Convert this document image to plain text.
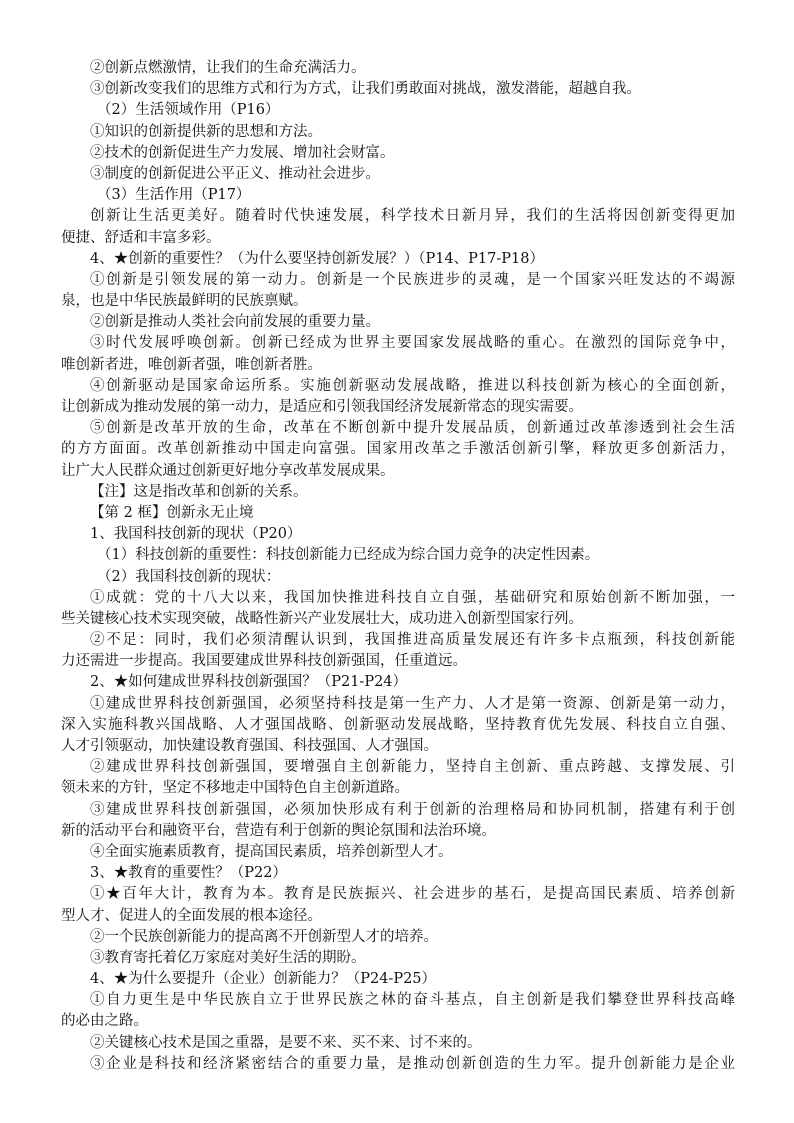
②创新点燃激情，让我们的生命充满活力。
③创新改变我们的思维方式和行为方式，让我们勇敢面对挑战，激发潜能，超越自我。
（2）生活领域作用（P16）
①知识的创新提供新的思想和方法。
②技术的创新促进生产力发展、增加社会财富。
③制度的创新促进公平正义、推动社会进步。
（3）生活作用（P17）
创新让生活更美好。随着时代快速发展，科学技术日新月异，我们的生活将因创新变得更加
便捷、舒适和丰富多彩。
4、★创新的重要性？（为什么要坚持创新发展？）（P14、P17-P18）
①创新是引领发展的第一动力。创新是一个民族进步的灵魂，是一个国家兴旺发达的不竭源
泉，也是中华民族最鲜明的民族禀赋。
②创新是推动人类社会向前发展的重要力量。
③时代发展呼唤创新。创新已经成为世界主要国家发展战略的重心。在激烈的国际竞争中，
唯创新者进，唯创新者强，唯创新者胜。
④创新驱动是国家命运所系。实施创新驱动发展战略，推进以科技创新为核心的全面创新，
让创新成为推动发展的第一动力，是适应和引领我国经济发展新常态的现实需要。
⑤创新是改革开放的生命，改革在不断创新中提升发展品质，创新通过改革渗透到社会生活
的方方面面。改革创新推动中国走向富强。国家用改革之手激活创新引擎，释放更多创新活力，
让广大人民群众通过创新更好地分享改革发展成果。
【注】这是指改革和创新的关系。
【第 2 框】创新永无止境
1、我国科技创新的现状（P20）
（1）科技创新的重要性：科技创新能力已经成为综合国力竞争的决定性因素。
（2）我国科技创新的现状：
①成就：党的十八大以来，我国加快推进科技自立自强，基础研究和原始创新不断加强，一
些关键核心技术实现突破，战略性新兴产业发展壮大，成功进入创新型国家行列。
②不足：同时，我们必须清醒认识到，我国推进高质量发展还有许多卡点瓶颈，科技创新能
力还需进一步提高。我国要建成世界科技创新强国，任重道远。
2、★如何建成世界科技创新强国？（P21-P24）
①建成世界科技创新强国，必须坚持科技是第一生产力、人才是第一资源、创新是第一动力，
深入实施科教兴国战略、人才强国战略、创新驱动发展战略，坚持教育优先发展、科技自立自强、
人才引领驱动，加快建设教育强国、科技强国、人才强国。
②建成世界科技创新强国，要增强自主创新能力，坚持自主创新、重点跨越、支撑发展、引
领未来的方针，坚定不移地走中国特色自主创新道路。
③建成世界科技创新强国，必须加快形成有利于创新的治理格局和协同机制，搭建有利于创
新的活动平台和融资平台，营造有利于创新的舆论氛围和法治环境。
④全面实施素质教育，提高国民素质，培养创新型人才。
3、★教育的重要性？（P22）
①★百年大计，教育为本。教育是民族振兴、社会进步的基石，是提高国民素质、培养创新
型人才、促进人的全面发展的根本途径。
②一个民族创新能力的提高离不开创新型人才的培养。
③教育寄托着亿万家庭对美好生活的期盼。
4、★为什么要提升（企业）创新能力？（P24-P25）
①自力更生是中华民族自立于世界民族之林的奋斗基点，自主创新是我们攀登世界科技高峰
的必由之路。
②关键核心技术是国之重器，是要不来、买不来、讨不来的。
③企业是科技和经济紧密结合的重要力量，是推动创新创造的生力军。提升创新能力是企业
